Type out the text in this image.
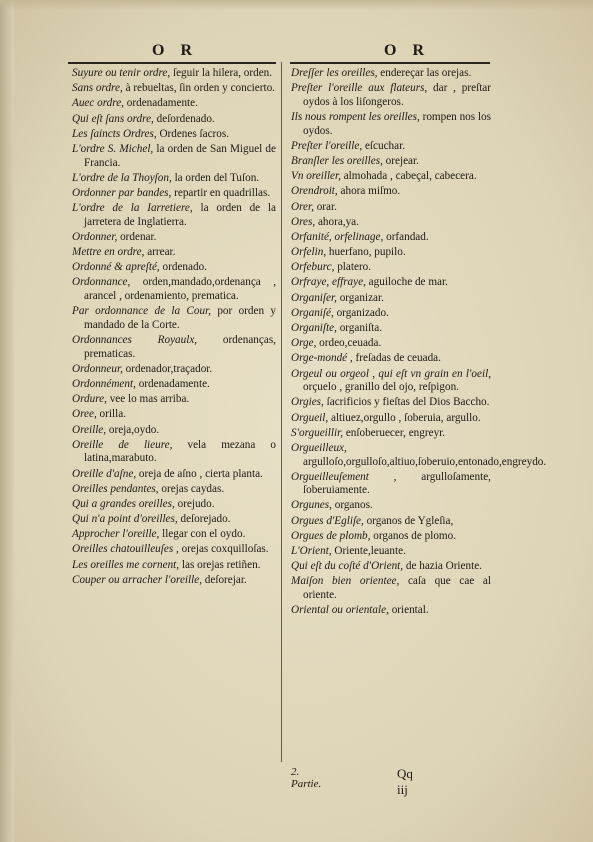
O R	O R
Suyure ou tenir ordre, ſeguir la hilera, orden.
Sans ordre, à rebueltas, ſin orden y concierto.
Auec ordre, ordenadamente.
Qui eſt ſans ordre, deſordenado.
Les ſaincts Ordres, Ordenes ſacros.
L'ordre S. Michel, la orden de San Miguel de Francia.
L'ordre de la Thoyſon, la orden del Tuſon.
Ordonner par bandes, repartir en quadrillas.
L'ordre de la Iarretiere, la orden de la jarretera de Inglatierra.
Ordonner, ordenar.
Mettre en ordre, arrear.
Ordonné & apreſté, ordenado.
Ordonnance, orden,mandado,ordenança , arancel , ordenamiento, prematica.
Par ordonnance de la Cour, por orden y mandado de la Corte.
Ordonnances Royaulx, ordenanças, prematicas.
Ordonneur, ordenador,traçador.
Ordonnément, ordenadamente.
Ordure, vee lo mas arriba.
Oree, orilla.
Oreille, oreja,oydo.
Oreille de lieure, vela mezana o latina,marabuto.
Oreille d'aſne, oreja de aſno , cierta planta.
Oreilles pendantes, orejas caydas.
Qui a grandes oreilles, orejudo.
Qui n'a point d'oreilles, deſorejado.
Approcher l'oreille, llegar con el oydo.
Oreilles chatouilleuſes , orejas coxquilloſas.
Les oreilles me cornent, las orejas retiñen.
Couper ou arracher l'oreille, deſorejar.
Dreſſer les oreilles, endereçar las orejas.
Preſter l'oreille aux flateurs, dar , preſtar oydos à los liſongeros.
Ils nous rompent les oreilles, rompen nos los oydos.
Preſter l'oreille, eſcuchar.
Branſler les oreilles, orejear.
Vn oreiller, almohada , cabeçal, cabecera.
Orendroit, ahora miſmo.
Orer, orar.
Ores, ahora,ya.
Orfanité, orfelinage, orfandad.
Orfelin, huerfano, pupilo.
Orfeburc, platero.
Orfraye, effraye, aguiloche de mar.
Organiſer, organizar.
Organiſé, organizado.
Organiſte, organiſta.
Orge, ordeo,ceuada.
Orge-mondé , freſadas de ceuada.
Orgeul ou orgeol , qui eſt vn grain en l'oeil, orçuelo , granillo del ojo, reſpigon.
Orgies, ſacrificios y fieſtas del Dios Baccho.
Orgueil, altiuez,orgullo , ſoberuia, argullo.
S'orgueillir, enſoberuecer, engreyr.
Orgueilleux, argulloſo,orgulloſo,altiuo,ſoberuio,entonado,engreydo.
Orgueilleuſement , argulloſamente, ſoberuiamente.
Orgunes, organos.
Orgues d'Egliſe, organos de Ygleſia,
Orgues de plomb, organos de plomo.
L'Orient, Oriente,leuante.
Qui eſt du coſté d'Orient, de hazia Oriente.
Maiſon bien orientee, caſa que cae al oriente.
Oriental ou orientale, oriental.
2. Partie.
Qq iij
